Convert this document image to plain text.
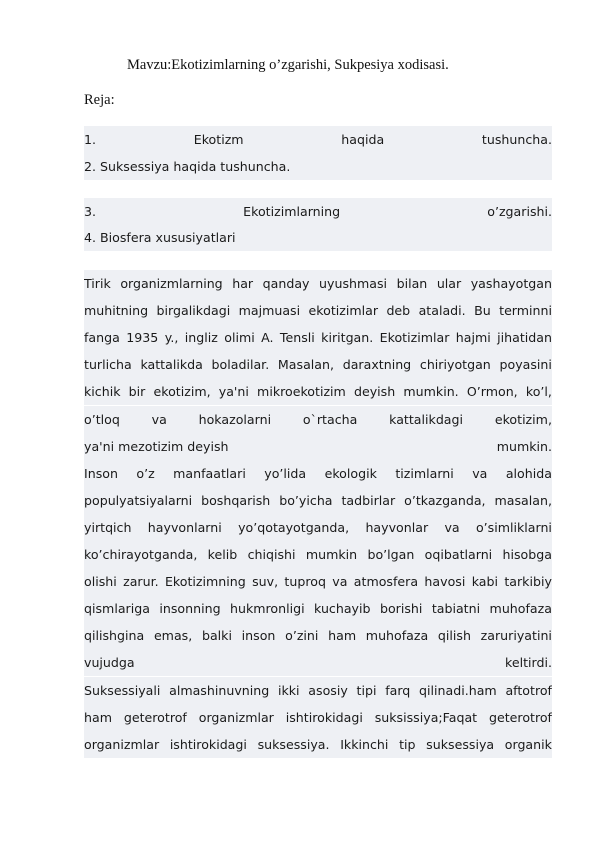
Mavzu:Ekotizimlarning o’zgarishi, Sukpesiya xodisasi.
Reja:
1.	Ekotizm	haqida	tushuncha.
2. Suksessiya haqida tushuncha.
3.	Ekotizimlarning	o’zgarishi.
4. Biosfera xususiyatlari
Tirik organizmlarning har qanday uyushmasi bilan ular yashayotgan
muhitning birgalikdagi majmuasi ekotizimlar deb ataladi. Bu terminni
fanga 1935 y., ingliz olimi A. Tensli kiritgan. Ekotizimlar hajmi jihatidan
turlicha kattalikda boladilar. Masalan, daraxtning chiriyotgan poyasini
kichik bir ekotizim, ya'ni mikroekotizim deyish mumkin. O’rmon, ko’l,
o’tloq	va	hokazolarni	o`rtacha	kattalikdagi	ekotizim,
ya'ni mezotizim deyish	mumkin.
Inson o’z manfaatlari yo’lida ekologik tizimlarni va alohida
populyatsiyalarni boshqarish bo’yicha tadbirlar o’tkazganda, masalan,
yirtqich hayvonlarni yo’qotayotganda, hayvonlar va o’simliklarni
ko’chirayotganda, kelib chiqishi mumkin bo’lgan oqibatlarni hisobga
olishi zarur. Ekotizimning suv, tuproq va atmosfera havosi kabi tarkibiy
qismlariga insonning hukmronligi kuchayib borishi tabiatni muhofaza
qilishgina emas, balki inson o’zini ham muhofaza qilish zaruriyatini
vujudga	keltirdi.
Suksessiyali almashinuvning ikki asosiy tipi farq qilinadi.ham aftotrof
ham geterotrof organizmlar ishtirokidagi suksissiya;Faqat geterotrof
organizmlar ishtirokidagi suksessiya. Ikkinchi tip suksessiya organik
